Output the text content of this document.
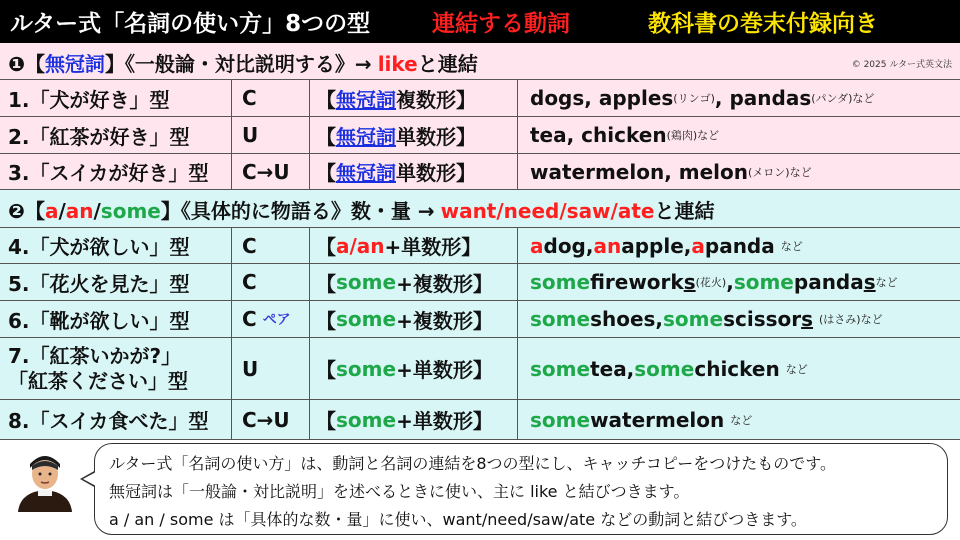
ルター式「名詞の使い方」8つの型	連結する動詞	教科書の巻末付録向き
❶【無冠詞】《一般論・対比説明する》→ likeと連結	© 2025 ルター式英文法
1.「犬が好き」型	C	【 無冠詞 複数形】	dogs, apples (リンゴ) , pandas (パンダ)など
2.「紅茶が好き」型	U	【 無冠詞 単数形】	tea, chicken (鶏肉)など
3.「スイカが好き」型	C→U	【 無冠詞 単数形】	watermelon, melon (メロン)など
❷【a/an/some】《具体的に物語る》数・量 → want/need/saw/ateと連結
4.「犬が欲しい」型	C	【 a/an +単数形】 a dog, an apple, a panda など
5.「花火を見た」型	C	【 some +複数形】 some firework s (花火) , some panda s など
6.「靴が欲しい」型	C ペア 【 some +複数形】 some shoes, some scissor s (はさみ)など
7.「紅茶いかが?」
「紅茶ください」型	U	【 some +単数形】 some tea, some chicken など
8.「スイカ食べた」型	C→U	【 some +単数形】 some watermelon など
ルター式「名詞の使い方」は、動詞と名詞の連結を8つの型にし、キャッチコピーをつけたものです。
無冠詞は「一般論・対比説明」を述べるときに使い、主に like と結びつきます。
a / an / some は「具体的な数・量」に使い、want/need/saw/ate などの動詞と結びつきます。
